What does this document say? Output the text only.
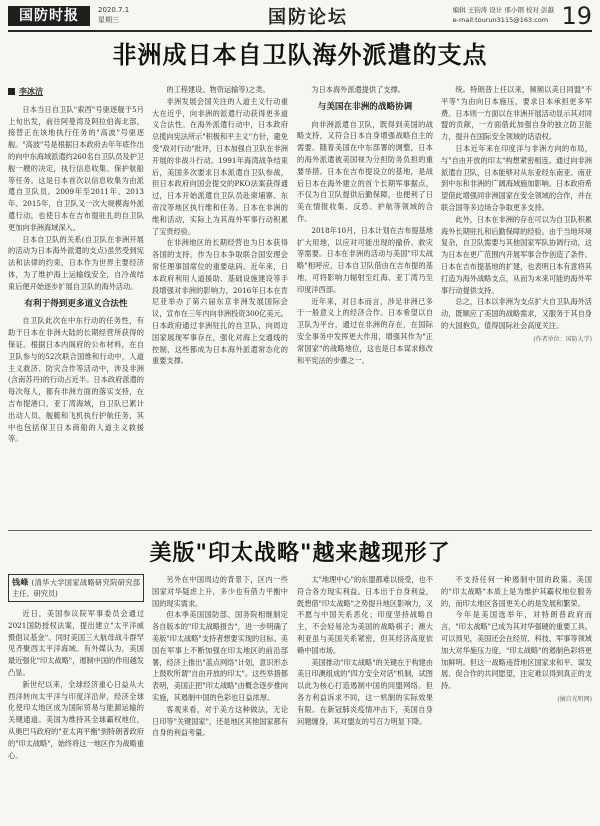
国防时报	2020.7.1
星期三	国防论坛	编辑 王钧涛 设计 邢小钢 校对 彭越
e-mail:tourun3115@163.com 19
非洲成日本自卫队海外派遣的支点
李冰洁

日本当日自卫队"索西"号驱逐舰于5月上旬出发，前往阿曼湾及阿拉伯海北部，接替正在该地执行任务的"高波"号驱逐舰。"高波"号是根据日本政府去年年底作出的向中东海域派遣约260名自卫队员及护卫舰一艘的决定，执行信息收集、保护航船等任务。这是日本首次以信息收集为由派遣自卫队员。2009年至2011年、2013年、2015年，自卫队又一次大规模海外派遣行动，也使日本在吉布提驻扎的自卫队更加向非洲海域深入。

日本自卫队的关系(自卫队在非洲开展的活动为日本海外派遣的支点)虽然受到宪法和法律的约束，日本作为世界主要经济体，为了维护海上运输线安全，自冷战结束后便开始逐步扩展自卫队的海外活动。

有利于得到更多道义合法性

自卫队此次在中东行动的任务性，有助于日本在非洲大陆的长期经营所获得的保证。根据日本内阁府的公布材料，在自卫队参与的52次联合国维和行动中，人道主义救济、防灾合作等活动中，涉及非洲(含南苏丹)的行动占近半。日本政府派遣的每次每人，都有非洲方面的落实支持，在吉布提港口、亚丁湾海域，自卫队已累计出动人员、舰艇和飞机执行护航任务，其中也包括保卫日本商船的人道主义救援等。

的工程建设、物资运输等)之类。

非洲发展会国关注的人道主义行动重大在近乎，向非洲的派遣行动获得更多道义合法性。在海外派遣行动中，日本政府总揽向宪法所示"积极和平主义"方针，避免受"敌对行动"批评，日本加强自卫队在非洲开展的非战斗行动。1991年海湾战争结束后，美国多次要求日本派遣自卫队参战，但日本政府向国会提交的PKO法案获得通过，日本开始派遣自卫队员赴柬埔寨、东帝汶等地区执行维和任务。日本在非洲的维和活动，实际上为其海外军事行动积累了宝贵经验。

在非洲地区的长期经营也为日本获得各国的支持，作为日本争取联合国安理会常任理事国席位的重要砝码。近年来，日本政府利用人道援助、基础设施建设等手段增强对非洲的影响力，2016年日本在肯尼亚举办了第六届东京非洲发展国际会议，宣布在三年内向非洲投资300亿美元。日本政府通过非洲驻扎的自卫队，向周边国家展现军事存在，强化对海上交通线的控制，这些都成为日本海外派遣常态化的重要支撑。

为日本海外派遣提供了支撑。

与美国在非洲的战略协调

向非洲派遣自卫队，既得到美国的战略支持，又符合日本自身增强战略自主的需要。随着美国在中东部署的调整，日本的海外派遣被美国视为分担防务负担的重要举措。日本在吉布提设立的基地，是战后日本在海外建立的首个长期军事据点，不仅为自卫队提供后勤保障，也便利了日美在情报收集、反恐、护航等领域的合作。

2018年10月，日本计划在吉布提基地扩大用地，以应对可能出现的撤侨、救灾等需要。日本在非洲的活动与美国"印太战略"相呼应，日本自卫队借由在吉布提的基地，可将影响力辐射至红海、亚丁湾乃至印度洋西部。

近年来，对日本而言，涉足非洲已多于一般意义上的经济合作。日本希望以自卫队为平台，通过在非洲的存在，在国际安全事务中发挥更大作用，增强其作为"正常国家"的战略地位，这也是日本谋求修改和平宪法的步骤之一。

统。特朗普上任以来，频频以美日同盟"不平等"为由向日本施压，要求日本承担更多军费。日本则一方面以在非洲开展活动显示其对同盟的贡献，一方面借此加强自身的独立防卫能力，提升在国际安全领域的话语权。

日本近年来在印度洋与非洲方向的布局，与"自由开放的印太"构想紧密相连。通过向非洲派遣自卫队，日本能够对从东亚经东南亚、南亚到中东和非洲的广阔海域施加影响。日本政府希望借此增强同非洲国家在安全领域的合作，并在联合国等多边场合争取更多支持。

此外，日本在非洲的存在可以为自卫队积累海外长期驻扎和后勤保障的经验。由于当地环境复杂，自卫队需要与其他国家军队协调行动，这为日本在更广范围内开展军事合作创造了条件。日本在吉布提基地的扩建，也表明日本有意将其打造为海外战略支点，从而为未来可能的海外军事行动提供支持。

总之，日本以非洲为支点扩大自卫队海外活动，既顺应了美国的战略需求，又服务于其自身的大国抱负，值得国际社会高度关注。

(作者单位：国防大学)
美版"印太战略"越来越现形了
钱峰 (清华大学国家战略研究院研究部主任、研究员)

近日，美国参议院军事委员会通过2021国防授权法案，提出建立"太平洋威慑倡议基金"。同时美国三大航母战斗群罕见齐聚西太平洋海域。有外媒认为，美国最近强化"印太战略"，遏制中国的作用越发凸显。

新世纪以来，全球经济重心日益从大西洋转向太平洋与印度洋沿岸，经济全球化使印太地区成为国际贸易与能源运输的关键通道。美国为维持其全球霸权地位，从奥巴马政府的"亚太再平衡"到特朗普政府的"印太战略"，始终将这一地区作为战略重心。

另外在中国周边的背景下，区内一些国家对华疑虑上升，多少也有借力平衡中国的现实需求。

但本季美国国防部、国务院相继制定各自版本的"印太战略报告"，进一步明确了美版"印太战略"支持者想要实现的目标。美国在军事上不断加强在印太地区的前沿部署，经济上推出"蓝点网络"计划，意识形态上鼓吹所谓"自由开放的印太"。这些举措都表明，美国正把"印太战略"由概念逐步推向实施，其遏制中国的色彩也日益浓厚。

客观来看，对于美方这种做法，无论日印等"关键国家"，还是地区其他国家都有自身的利益考量。

太"地理中心"的东盟都难以接受，也不符合各方现实利益。日本出于自身利益，既想借"印太战略"之势提升地区影响力，又不愿与中国关系恶化；印度坚持战略自主，不会轻易沦为美国的战略棋子；澳大利亚虽与美国关系紧密，但其经济高度依赖中国市场。

美国推动"印太战略"的关键在于构建由美日印澳组成的"四方安全对话"机制，试图以此为核心打造遏制中国的同盟网络。但各方利益诉求不同，这一机制的实际效果有限。在新冠肺炎疫情冲击下，美国自身问题缠身，其对盟友的号召力明显下降。

不支持任何一种遏制中国的政策。美国的"印太战略"本质上是为维护其霸权地位服务的，而印太地区各国更关心的是发展和繁荣。

今年是美国选举年，对特朗普政府而言，"印太战略"已成为其对华强硬的重要工具。可以预见，美国还会在经贸、科技、军事等领域加大对华施压力度，"印太战略"的遏制色彩将更加鲜明。但这一战略违背地区国家求和平、谋发展、促合作的共同愿望，注定难以得到真正的支持。

(摘自光明网)
